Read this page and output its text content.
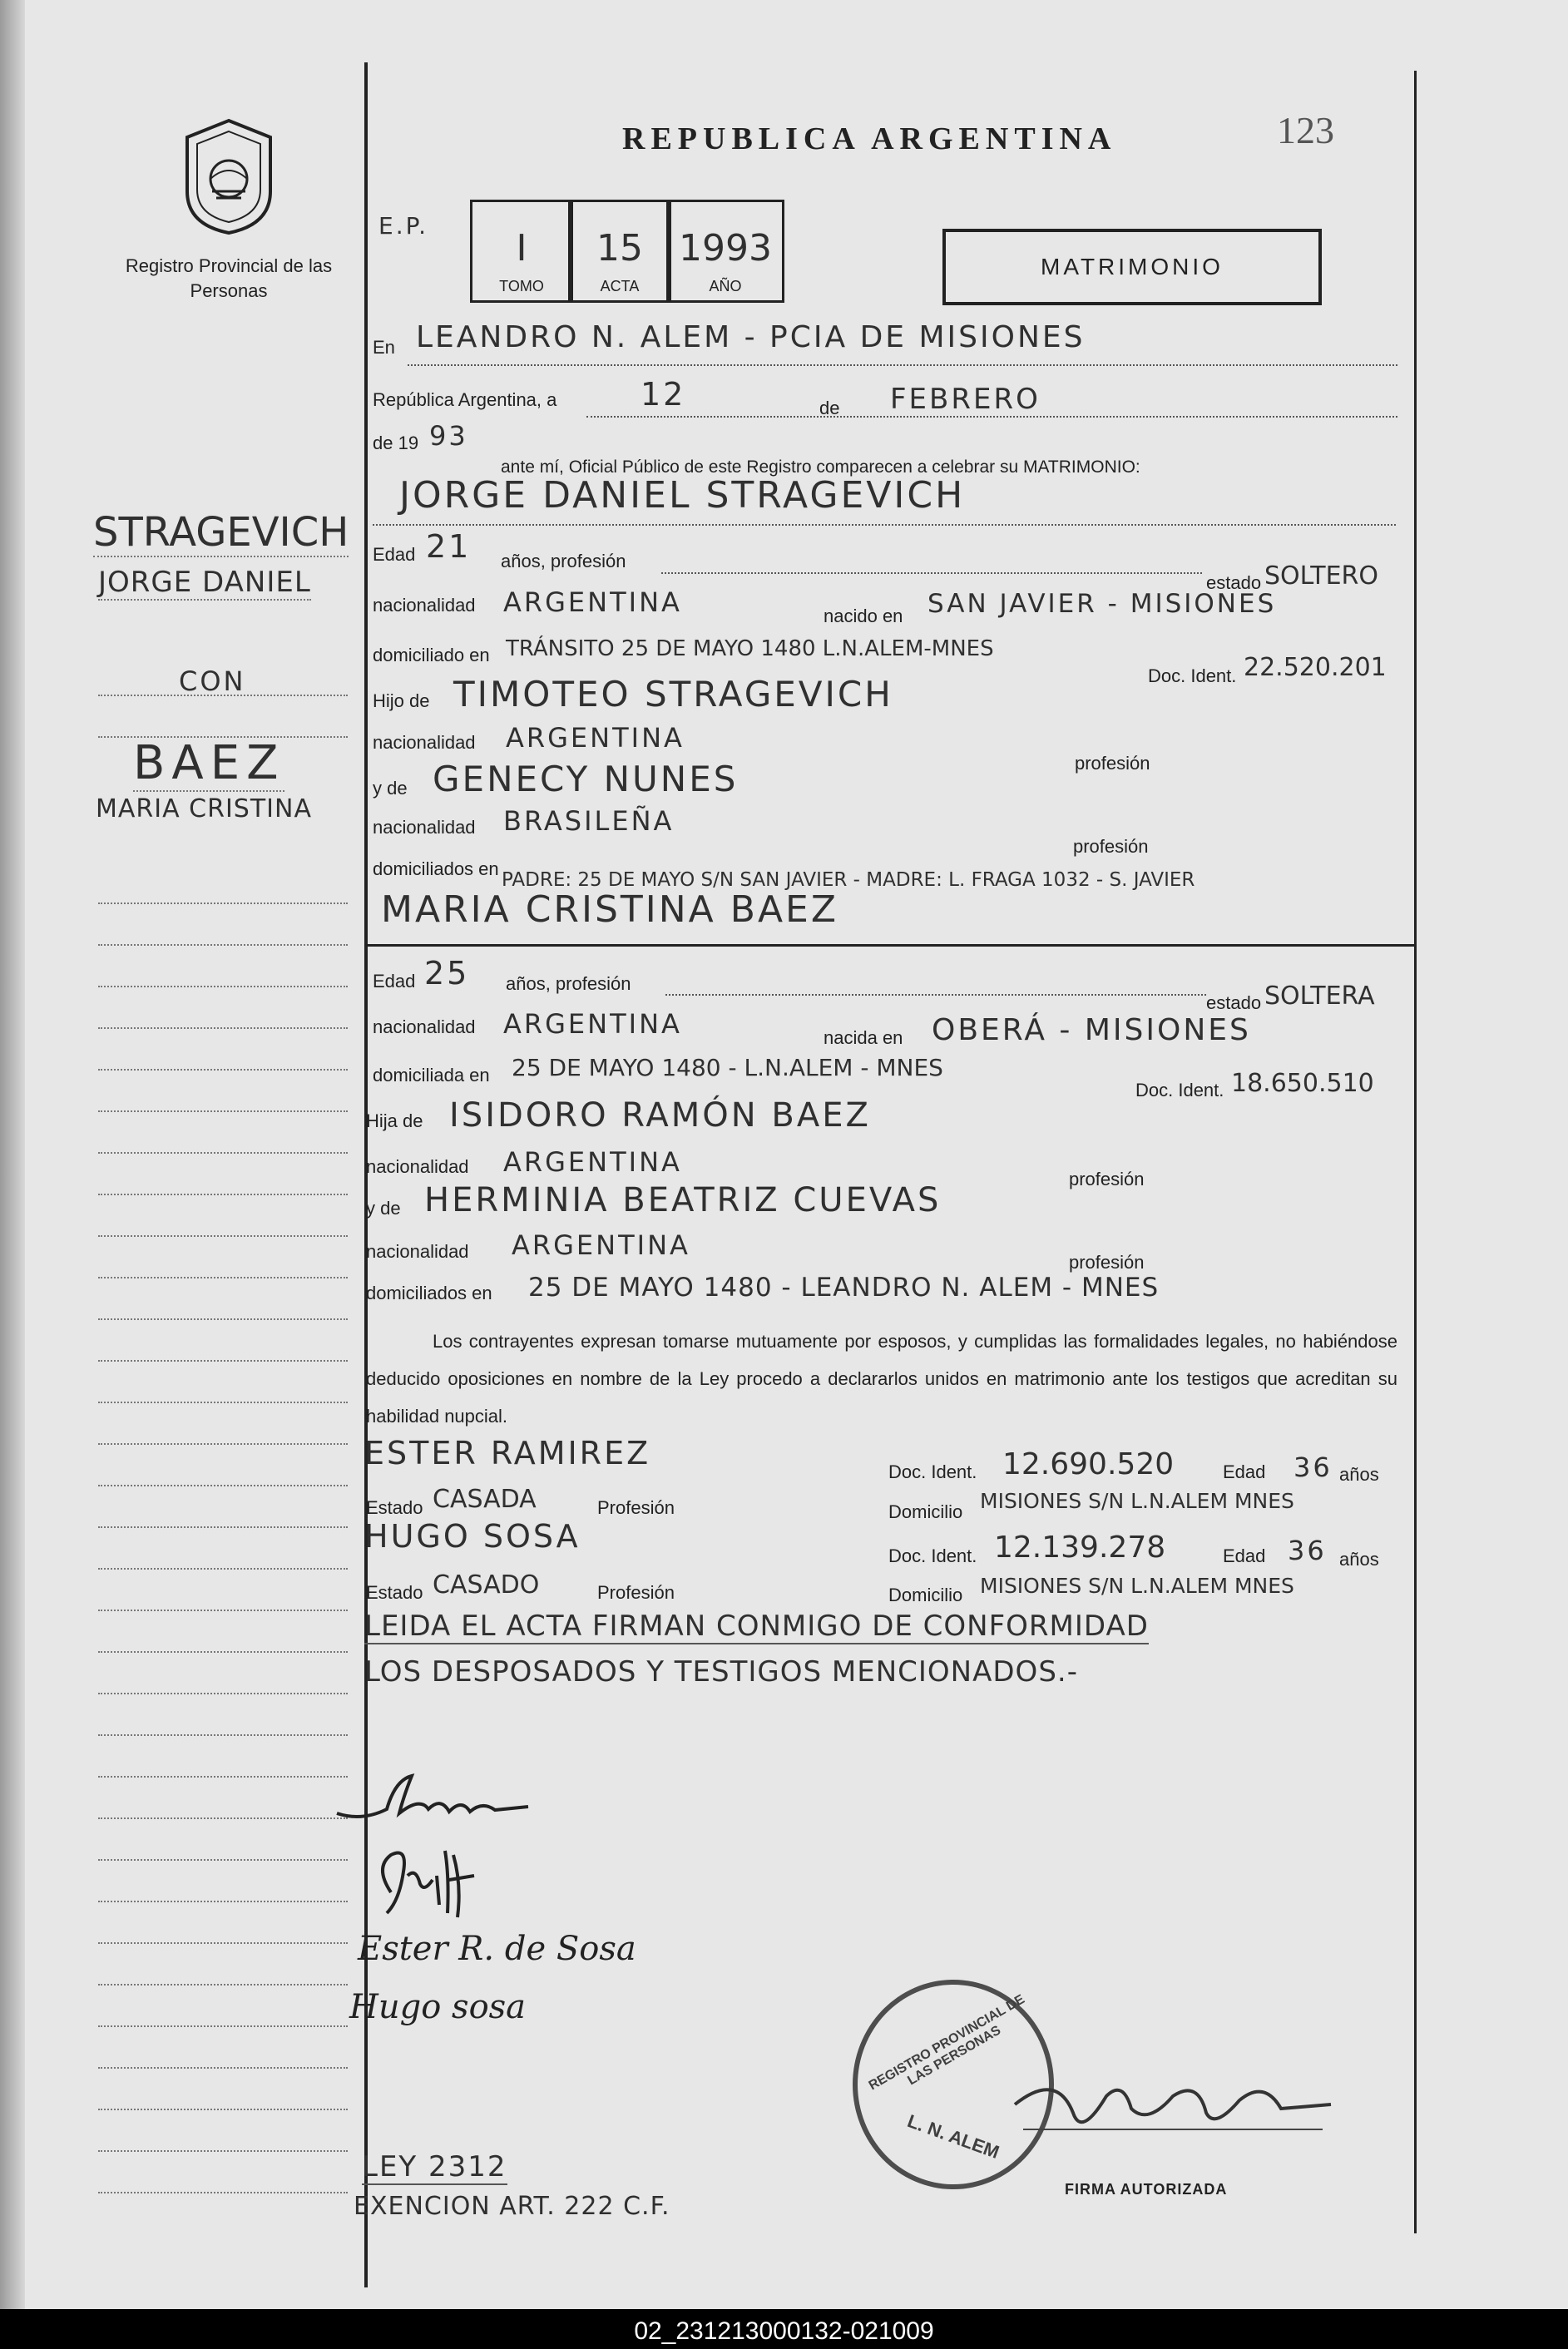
Registro Provincial de las Personas
REPUBLICA ARGENTINA	123
E.P.
I
TOMO
15
ACTA
1993
AÑO
MATRIMONIO
STRAGEVICH
JORGE DANIEL
CON
BAEZ
MARIA CRISTINA
En LEANDRO N. ALEM - PCIA DE MISIONES
República Argentina, a	12	de FEBRERO
de 19 93
ante mí, Oficial Público de este Registro comparecen a celebrar su MATRIMONIO:
JORGE DANIEL STRAGEVICH
Edad 21 años, profesión
estado SOLTERO
nacionalidad ARGENTINA	nacido en SAN JAVIER - MISIONES
domiciliado en TRÁNSITO 25 DE MAYO 1480 L.N.ALEM-MNES
Doc. Ident. 22.520.201
Hijo de TIMOTEO STRAGEVICH
nacionalidad ARGENTINA
profesión
y de GENECY NUNES
nacionalidad BRASILEÑA
profesión
domiciliados en
PADRE: 25 DE MAYO S/N SAN JAVIER - MADRE: L. FRAGA 1032 - S. JAVIER
MARIA CRISTINA BAEZ
Edad 25 años, profesión
estado SOLTERA
nacionalidad ARGENTINA	nacida en OBERÁ - MISIONES
domiciliada en 25 DE MAYO 1480 - L.N.ALEM - MNES
Doc. Ident. 18.650.510
Hija de ISIDORO RAMÓN BAEZ
nacionalidad ARGENTINA
profesión
y de HERMINIA BEATRIZ CUEVAS
nacionalidad ARGENTINA
profesión
domiciliados en 25 DE MAYO 1480 - LEANDRO N. ALEM - MNES
Los contrayentes expresan tomarse mutuamente por esposos, y cumplidas las formalidades legales, no habiéndose deducido oposiciones en nombre de la Ley procedo a declararlos unidos en matrimonio ante los testigos que acreditan su habilidad nupcial.
ESTER RAMIREZ
Doc. Ident. 12.690.520	Edad 36 años
Estado CASADA	Profesión	Domicilio MISIONES S/N L.N.ALEM MNES
HUGO SOSA
Doc. Ident. 12.139.278	Edad 36 años
Estado CASADO	Profesión	Domicilio MISIONES S/N L.N.ALEM MNES
LEIDA EL ACTA FIRMAN CONMIGO DE CONFORMIDAD
LOS DESPOSADOS Y TESTIGOS MENCIONADOS.-
Ester R. de Sosa
Hugo sosa	REGISTRO PROVINCIAL DE LAS PERSONAS
L. N. ALEM
FIRMA AUTORIZADA
LEY 2312
EXENCION ART. 222 C.F.
02_231213000132-021009
